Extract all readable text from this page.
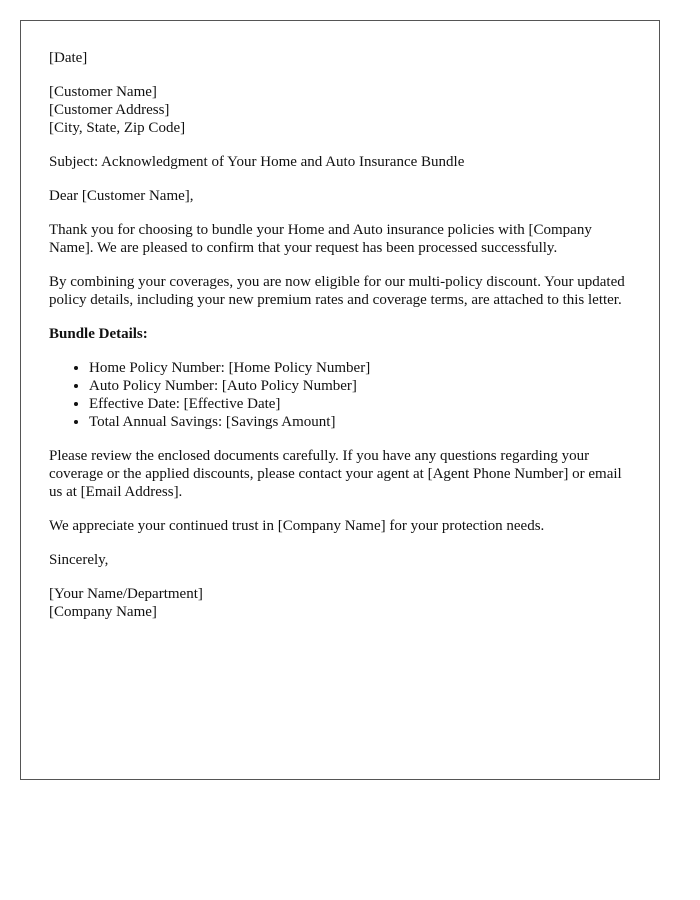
[Date]

[Customer Name]
[Customer Address]
[City, State, Zip Code]

Subject: Acknowledgment of Your Home and Auto Insurance Bundle

Dear [Customer Name],

Thank you for choosing to bundle your Home and Auto insurance policies with [Company Name]. We are pleased to confirm that your request has been processed successfully.

By combining your coverages, you are now eligible for our multi-policy discount. Your updated policy details, including your new premium rates and coverage terms, are attached to this letter.

Bundle Details:

• Home Policy Number: [Home Policy Number]
• Auto Policy Number: [Auto Policy Number]
• Effective Date: [Effective Date]
• Total Annual Savings: [Savings Amount]

Please review the enclosed documents carefully. If you have any questions regarding your coverage or the applied discounts, please contact your agent at [Agent Phone Number] or email us at [Email Address].

We appreciate your continued trust in [Company Name] for your protection needs.

Sincerely,

[Your Name/Department]
[Company Name]
